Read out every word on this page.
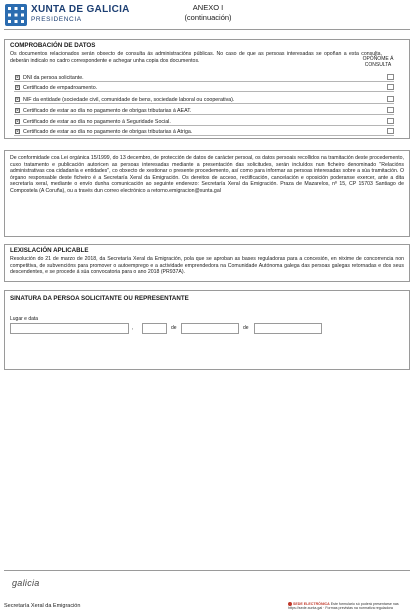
XUNTA DE GALICIA
PRESIDENCIA
ANEXO I
(continuación)
COMPROBACIÓN DE DATOS
Os documentos relacionados serán obxecto de consulta ás administracións públicas. No caso de que as persoas interesadas se opoñan a esta consulta, deberán indicalo no cadro correspondente e achegar unha copia dos documentos.	OPÓÑOME Á CONSULTA
× DNI da persoa solicitante.
× Certificado de empadroamento.
× NIF da entidade (sociedade civil, comunidade de bens, sociedade laboral ou cooperativa).
× Certificado de estar ao día no pagamento de obrigas tributarias á AEAT.
× Certificado de estar ao día no pagamento á Seguridade Social.
× Certificado de estar ao día no pagamento de obrigas tributarias á Atriga.
De conformidade coa Lei orgánica 15/1999, do 13 decembro, de protección de datos de carácter persoal, os datos persoais recollidos na tramitación deste procedemento, cuxo tratamento e publicación autoricen as persoas interesadas mediante a presentación das solicitudes, serán incluídos nun ficheiro denominado "Relacións administrativas coa cidadanía e entidades", co obxecto de xestionar o presente procedemento, así como para informar as persoas interesadas sobre a súa tramitación. O órgano responsable deste ficheiro é a Secretaría Xeral da Emigración. Os dereitos de acceso, rectificación, cancelación e oposición poderanse exercer, ante a dita secretaría xeral, mediante o envío dunha comunicación ao seguinte enderezo: Secretaría Xeral da Emigración. Praza de Mazarelos, nº 15, CP 15703 Santiago de Compostela (A Coruña), ou a través dun correo electrónico a retorno.emigracion@xunta.gal
LEXISLACIÓN APLICABLE
Resolución do 21 de marzo de 2018, da Secretaría Xeral da Emigración, pola que se aproban as bases reguladoras para a concesión, en réxime de concorrencia non competitiva, de subvencións para promover o autoemprego e a actividade emprendedora na Comunidade Autónoma galega das persoas galegas retornadas e dos seus descendentes, e se procede á súa convocatoria para o ano 2018 (PR937A).
SINATURA DA PERSOA SOLICITANTE OU REPRESENTANTE
Lugar e data
,	de	de
galicia
Secretaría Xeral da Emigración	SEDE ELECTRÓNICA Este formulario só poderá presentarse nas
https://sede.xunta.gal · Formas previstas na normativa reguladora
